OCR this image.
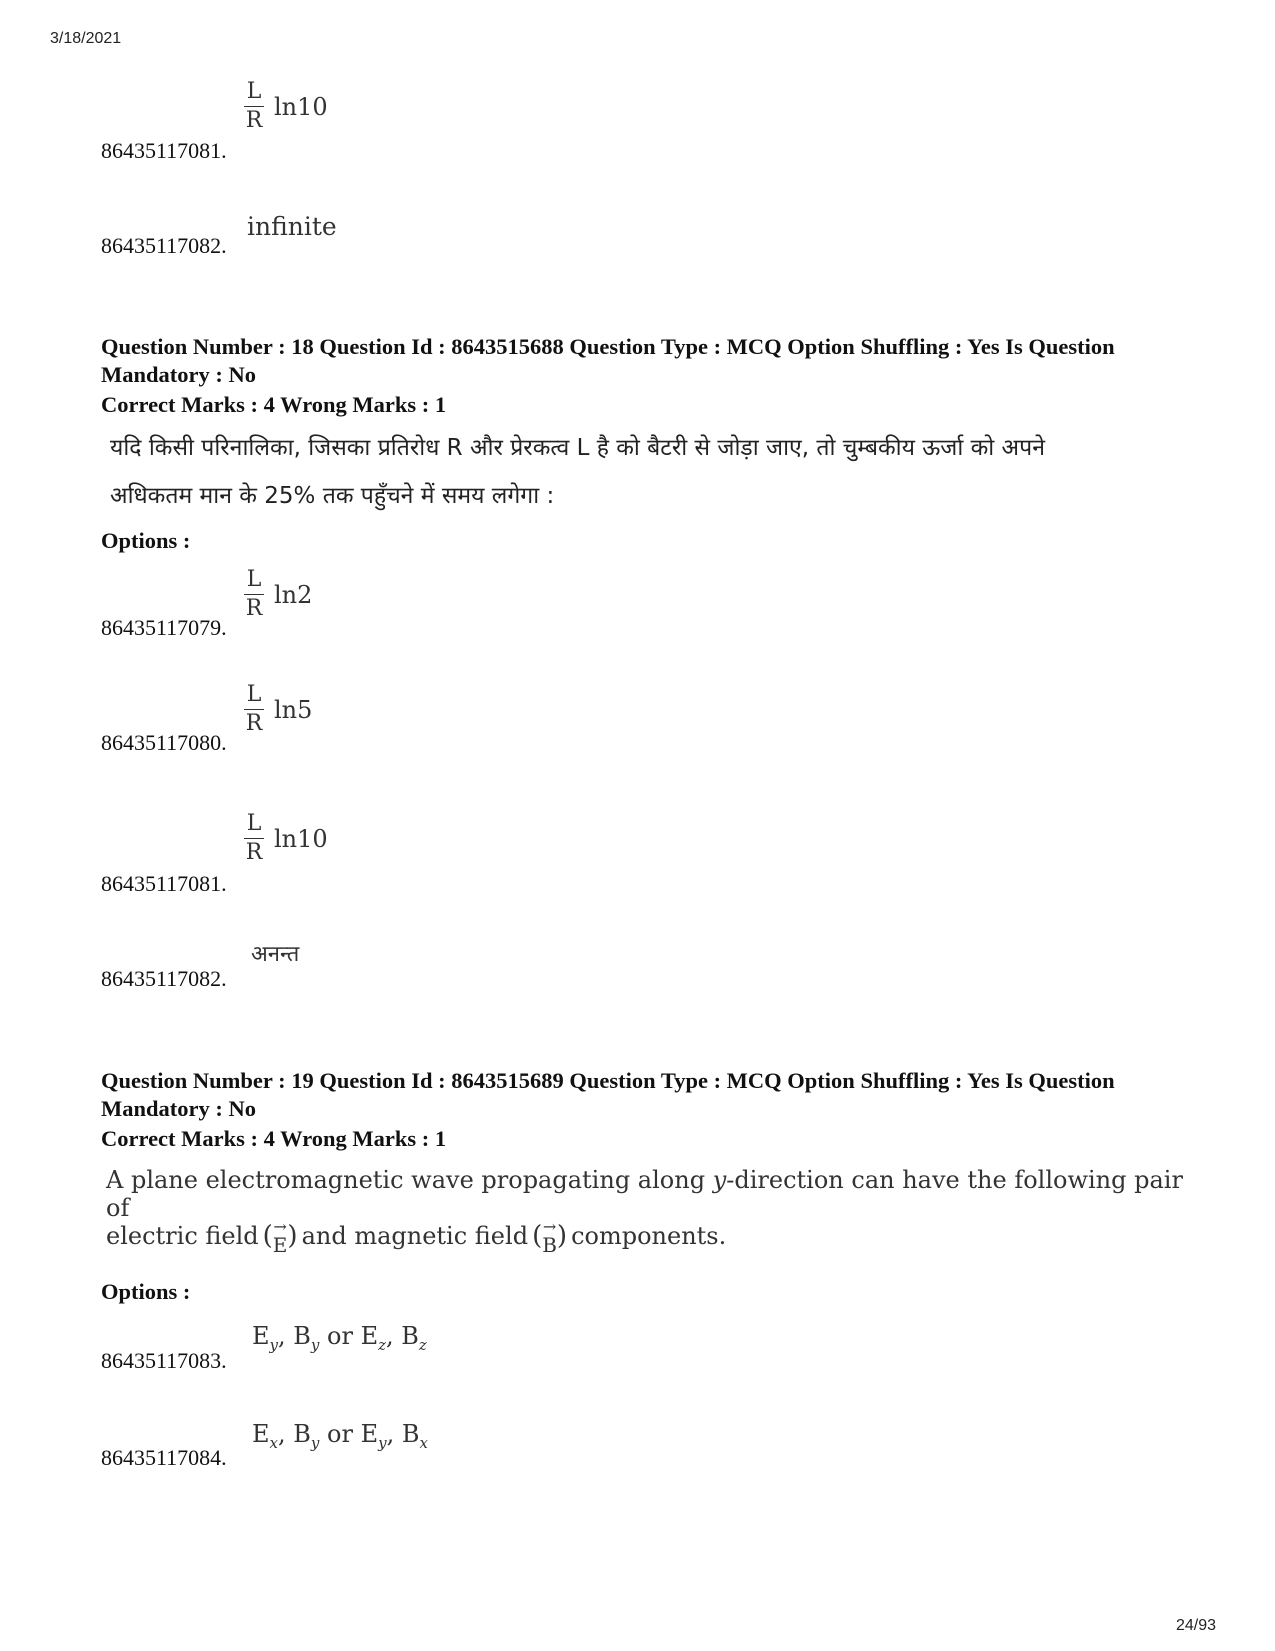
3/18/2021
L
R ln10
86435117081.
infinite
86435117082.
Question Number : 18 Question Id : 8643515688 Question Type : MCQ Option Shuffling : Yes Is Question Mandatory : No
Correct Marks : 4 Wrong Marks : 1
यदि किसी परिनालिका, जिसका प्रतिरोध R और प्रेरकत्व L है को बैटरी से जोड़ा जाए, तो चुम्बकीय ऊर्जा को अपने
अधिकतम मान के 25% तक पहुँचने में समय लगेगा :
Options :
L
R ln2
86435117079.
L
R ln5
86435117080.
L
R ln10
86435117081.
अनन्त
86435117082.
Question Number : 19 Question Id : 8643515689 Question Type : MCQ Option Shuffling : Yes Is Question Mandatory : No
Correct Marks : 4 Wrong Marks : 1
A plane electromagnetic wave propagating along y-direction can have the following pair of
electric field ( →
E ) and magnetic field ( →
B ) components.
Options :
$E_y$, $B_y$ or $E_z$, $B_z$
86435117083.
$E_x$, $B_y$ or $E_y$, $B_x$
86435117084.
24/93
